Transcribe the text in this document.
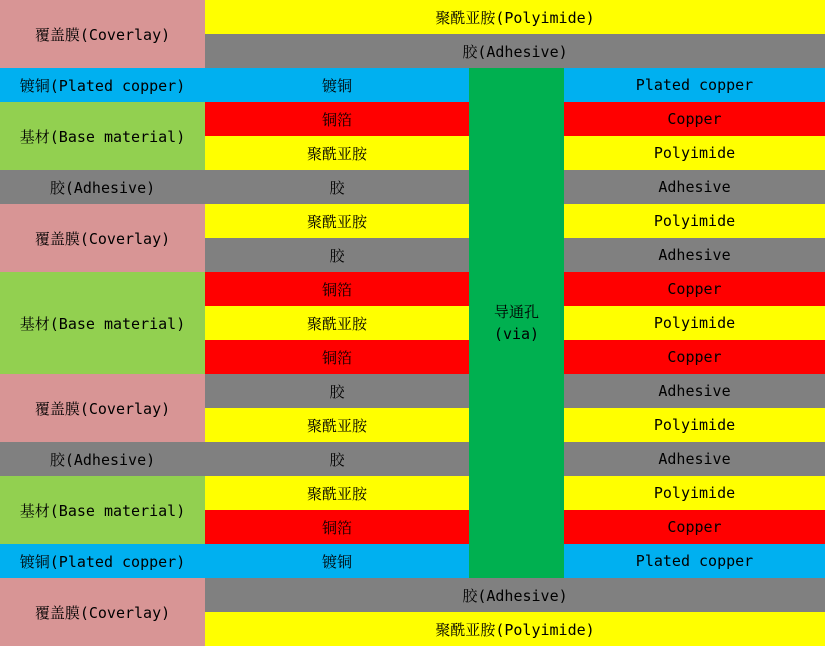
覆盖膜(Coverlay)
镀铜(Plated copper)
基材(Base material)
胶(Adhesive)
覆盖膜(Coverlay)
基材(Base material)
覆盖膜(Coverlay)
胶(Adhesive)
基材(Base material)
镀铜(Plated copper)
覆盖膜(Coverlay)
聚酰亚胺(Polyimide)
胶(Adhesive)
镀铜
铜箔
聚酰亚胺
胶
聚酰亚胺
胶
铜箔
聚酰亚胺
铜箔
胶
聚酰亚胺
胶
聚酰亚胺
铜箔
镀铜
导通孔
(via)
Plated copper
Copper
Polyimide
Adhesive
Polyimide
Adhesive
Copper
Polyimide
Copper
Adhesive
Polyimide
Adhesive
Polyimide
Copper
Plated copper
胶(Adhesive)
聚酰亚胺(Polyimide)
